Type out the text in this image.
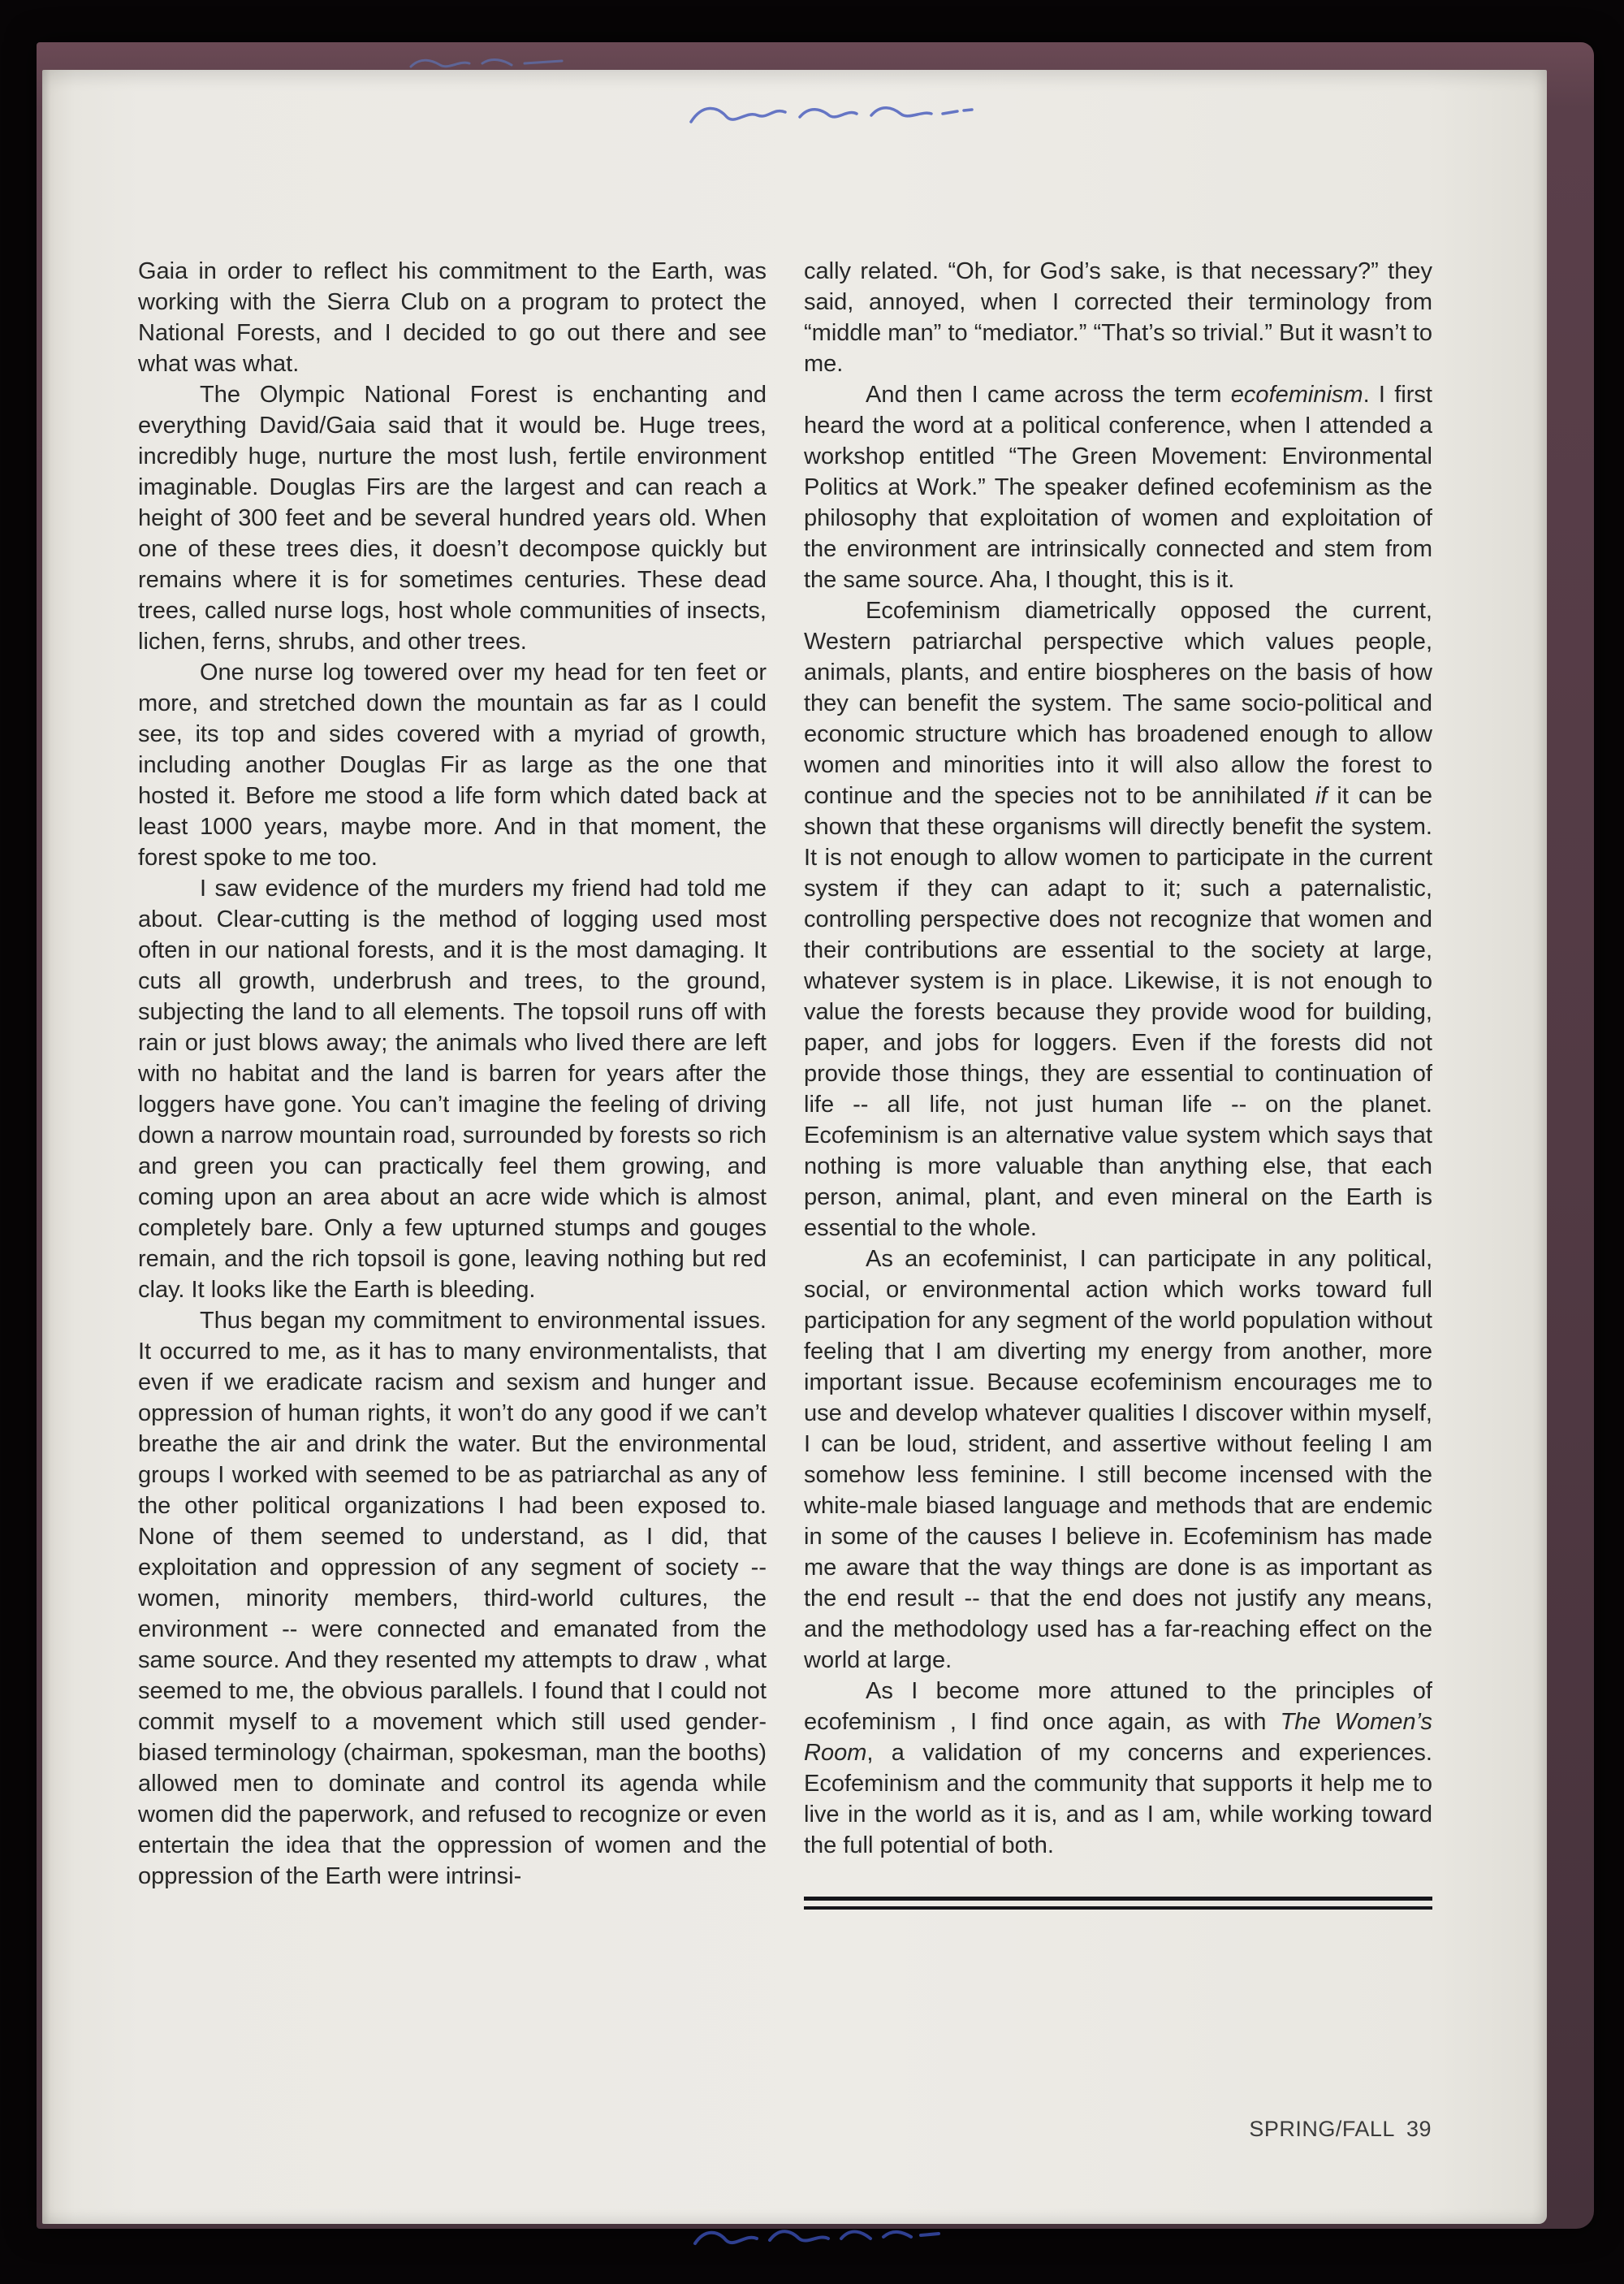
Gaia in order to reflect his commitment to the Earth, was working with the Sierra Club on a program to protect the National Forests, and I decided to go out there and see what was what.

The Olympic National Forest is enchanting and everything David/Gaia said that it would be. Huge trees, incredibly huge, nurture the most lush, fertile environment imaginable. Douglas Firs are the largest and can reach a height of 300 feet and be several hundred years old. When one of these trees dies, it doesn’t decompose quickly but remains where it is for sometimes centuries. These dead trees, called nurse logs, host whole communities of insects, lichen, ferns, shrubs, and other trees.

One nurse log towered over my head for ten feet or more, and stretched down the mountain as far as I could see, its top and sides covered with a myriad of growth, including another Douglas Fir as large as the one that hosted it. Before me stood a life form which dated back at least 1000 years, maybe more. And in that moment, the forest spoke to me too.

I saw evidence of the murders my friend had told me about. Clear-cutting is the method of logging used most often in our national forests, and it is the most damaging. It cuts all growth, underbrush and trees, to the ground, subjecting the land to all elements. The topsoil runs off with rain or just blows away; the animals who lived there are left with no habitat and the land is barren for years after the loggers have gone. You can’t imagine the feeling of driving down a narrow mountain road, surrounded by forests so rich and green you can practically feel them growing, and coming upon an area about an acre wide which is almost completely bare. Only a few upturned stumps and gouges remain, and the rich topsoil is gone, leaving nothing but red clay. It looks like the Earth is bleeding.

Thus began my commitment to environmental issues. It occurred to me, as it has to many environmentalists, that even if we eradicate racism and sexism and hunger and oppression of human rights, it won’t do any good if we can’t breathe the air and drink the water. But the environmental groups I worked with seemed to be as patriarchal as any of the other political organizations I had been exposed to. None of them seemed to understand, as I did, that exploitation and oppression of any segment of society -- women, minority members, third-world cultures, the environment -- were connected and emanated from the same source. And they resented my attempts to draw , what seemed to me, the obvious parallels. I found that I could not commit myself to a movement which still used gender-biased terminology (chairman, spokesman, man the booths) allowed men to dominate and control its agenda while women did the paperwork, and refused to recognize or even entertain the idea that the oppression of women and the oppression of the Earth were intrinsi-

cally related. “Oh, for God’s sake, is that necessary?” they said, annoyed, when I corrected their terminology from “middle man” to “mediator.” “That’s so trivial.” But it wasn’t to me.

And then I came across the term ecofeminism. I first heard the word at a political conference, when I attended a workshop entitled “The Green Movement: Environmental Politics at Work.” The speaker defined ecofeminism as the philosophy that exploitation of women and exploitation of the environment are intrinsically connected and stem from the same source. Aha, I thought, this is it.

Ecofeminism diametrically opposed the current, Western patriarchal perspective which values people, animals, plants, and entire biospheres on the basis of how they can benefit the system. The same socio-political and economic structure which has broadened enough to allow women and minorities into it will also allow the forest to continue and the species not to be annihilated if it can be shown that these organisms will directly benefit the system. It is not enough to allow women to participate in the current system if they can adapt to it; such a paternalistic, controlling perspective does not recognize that women and their contributions are essential to the society at large, whatever system is in place. Likewise, it is not enough to value the forests because they provide wood for building, paper, and jobs for loggers. Even if the forests did not provide those things, they are essential to continuation of life -- all life, not just human life -- on the planet. Ecofeminism is an alternative value system which says that nothing is more valuable than anything else, that each person, animal, plant, and even mineral on the Earth is essential to the whole.

As an ecofeminist, I can participate in any political, social, or environmental action which works toward full participation for any segment of the world population without feeling that I am diverting my energy from another, more important issue. Because ecofeminism encourages me to use and develop whatever qualities I discover within myself, I can be loud, strident, and assertive without feeling I am somehow less feminine. I still become incensed with the white-male biased language and methods that are endemic in some of the causes I believe in. Ecofeminism has made me aware that the way things are done is as important as the end result -- that the end does not justify any means, and the methodology used has a far-reaching effect on the world at large.

As I become more attuned to the principles of ecofeminism , I find once again, as with The Women’s Room, a validation of my concerns and experiences. Ecofeminism and the community that supports it help me to live in the world as it is, and as I am, while working toward the full potential of both.

SPRING/FALL 39
